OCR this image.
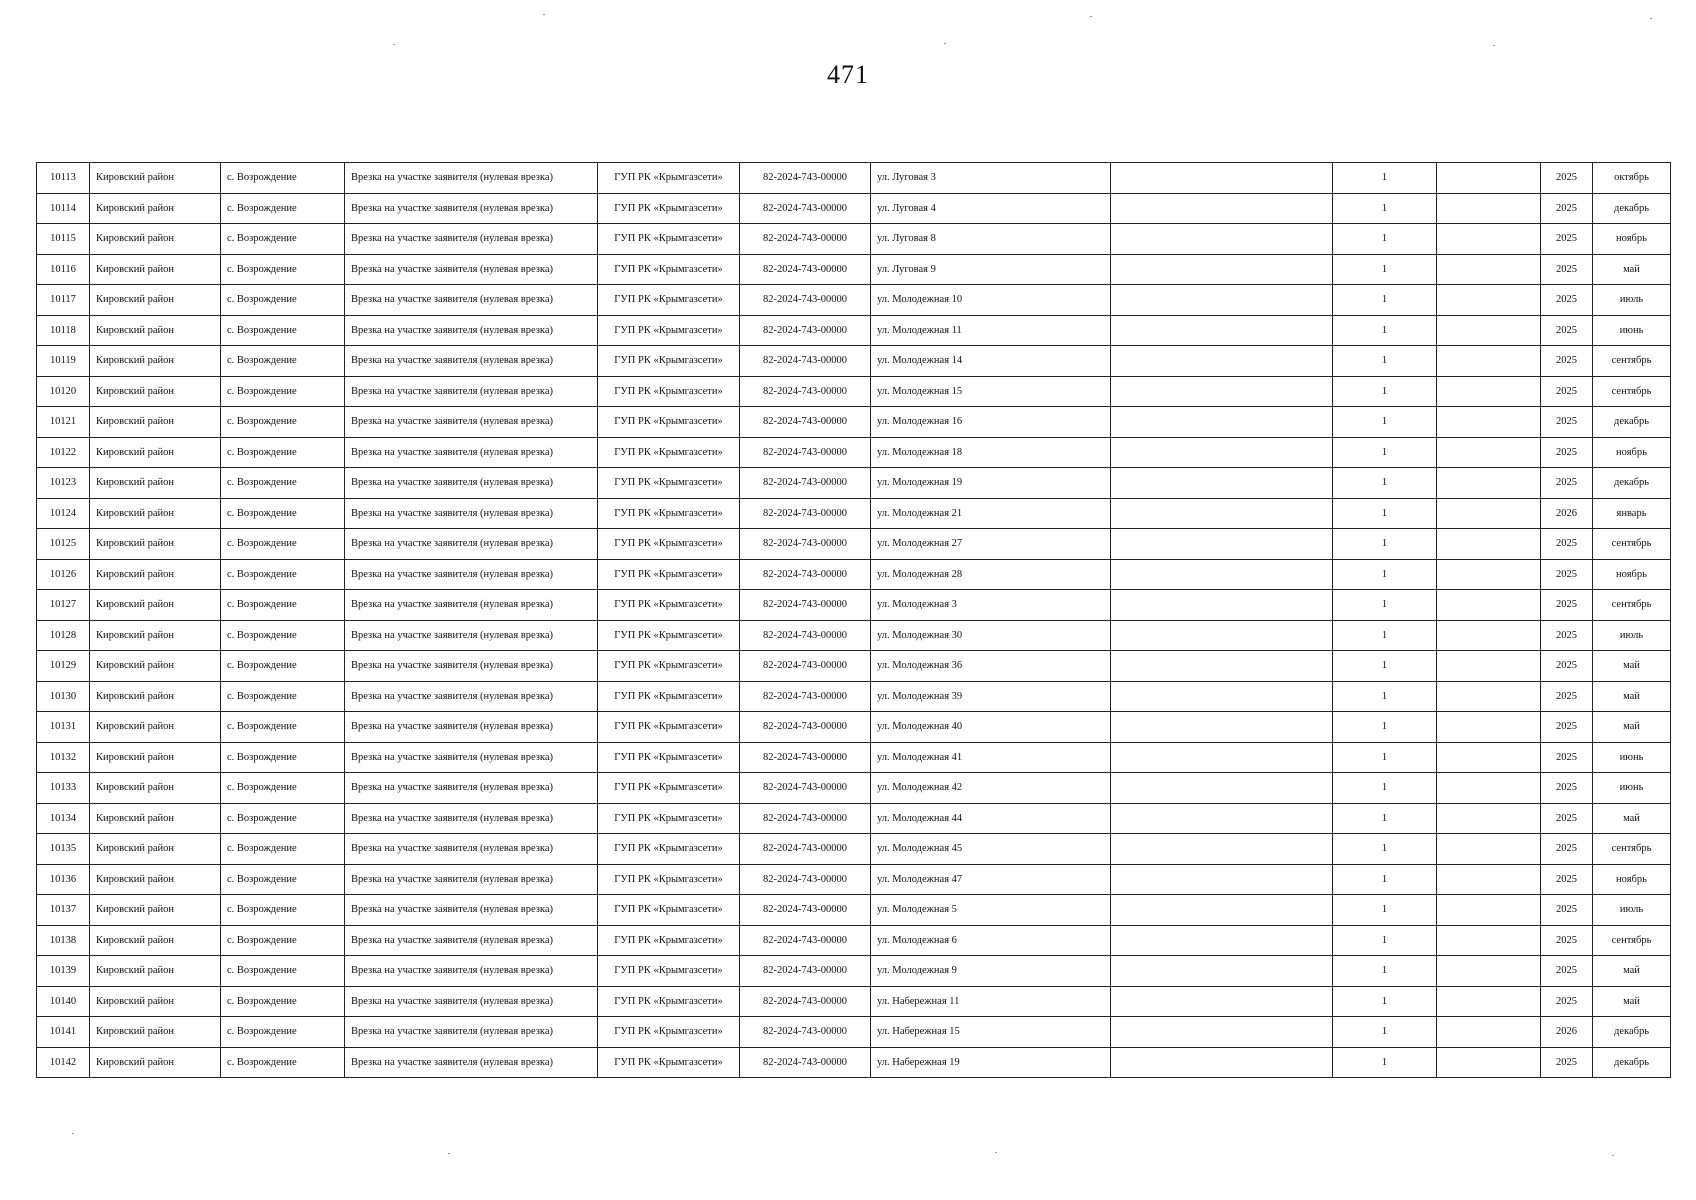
471
10113	Кировский район	с. Возрождение	Врезка на участке заявителя (нулевая врезка)	ГУП РК «Крымгазсети»	82-2024-743-00000	ул. Луговая 3		1		2025	октябрь
10114	Кировский район	с. Возрождение	Врезка на участке заявителя (нулевая врезка)	ГУП РК «Крымгазсети»	82-2024-743-00000	ул. Луговая 4		1		2025	декабрь
10115	Кировский район	с. Возрождение	Врезка на участке заявителя (нулевая врезка)	ГУП РК «Крымгазсети»	82-2024-743-00000	ул. Луговая 8		1		2025	ноябрь
10116	Кировский район	с. Возрождение	Врезка на участке заявителя (нулевая врезка)	ГУП РК «Крымгазсети»	82-2024-743-00000	ул. Луговая 9		1		2025	май
10117	Кировский район	с. Возрождение	Врезка на участке заявителя (нулевая врезка)	ГУП РК «Крымгазсети»	82-2024-743-00000	ул. Молодежная 10		1		2025	июль
10118	Кировский район	с. Возрождение	Врезка на участке заявителя (нулевая врезка)	ГУП РК «Крымгазсети»	82-2024-743-00000	ул. Молодежная 11		1		2025	июнь
10119	Кировский район	с. Возрождение	Врезка на участке заявителя (нулевая врезка)	ГУП РК «Крымгазсети»	82-2024-743-00000	ул. Молодежная 14		1		2025	сентябрь
10120	Кировский район	с. Возрождение	Врезка на участке заявителя (нулевая врезка)	ГУП РК «Крымгазсети»	82-2024-743-00000	ул. Молодежная 15		1		2025	сентябрь
10121	Кировский район	с. Возрождение	Врезка на участке заявителя (нулевая врезка)	ГУП РК «Крымгазсети»	82-2024-743-00000	ул. Молодежная 16		1		2025	декабрь
10122	Кировский район	с. Возрождение	Врезка на участке заявителя (нулевая врезка)	ГУП РК «Крымгазсети»	82-2024-743-00000	ул. Молодежная 18		1		2025	ноябрь
10123	Кировский район	с. Возрождение	Врезка на участке заявителя (нулевая врезка)	ГУП РК «Крымгазсети»	82-2024-743-00000	ул. Молодежная 19		1		2025	декабрь
10124	Кировский район	с. Возрождение	Врезка на участке заявителя (нулевая врезка)	ГУП РК «Крымгазсети»	82-2024-743-00000	ул. Молодежная 21		1		2026	январь
10125	Кировский район	с. Возрождение	Врезка на участке заявителя (нулевая врезка)	ГУП РК «Крымгазсети»	82-2024-743-00000	ул. Молодежная 27		1		2025	сентябрь
10126	Кировский район	с. Возрождение	Врезка на участке заявителя (нулевая врезка)	ГУП РК «Крымгазсети»	82-2024-743-00000	ул. Молодежная 28		1		2025	ноябрь
10127	Кировский район	с. Возрождение	Врезка на участке заявителя (нулевая врезка)	ГУП РК «Крымгазсети»	82-2024-743-00000	ул. Молодежная 3		1		2025	сентябрь
10128	Кировский район	с. Возрождение	Врезка на участке заявителя (нулевая врезка)	ГУП РК «Крымгазсети»	82-2024-743-00000	ул. Молодежная 30		1		2025	июль
10129	Кировский район	с. Возрождение	Врезка на участке заявителя (нулевая врезка)	ГУП РК «Крымгазсети»	82-2024-743-00000	ул. Молодежная 36		1		2025	май
10130	Кировский район	с. Возрождение	Врезка на участке заявителя (нулевая врезка)	ГУП РК «Крымгазсети»	82-2024-743-00000	ул. Молодежная 39		1		2025	май
10131	Кировский район	с. Возрождение	Врезка на участке заявителя (нулевая врезка)	ГУП РК «Крымгазсети»	82-2024-743-00000	ул. Молодежная 40		1		2025	май
10132	Кировский район	с. Возрождение	Врезка на участке заявителя (нулевая врезка)	ГУП РК «Крымгазсети»	82-2024-743-00000	ул. Молодежная 41		1		2025	июнь
10133	Кировский район	с. Возрождение	Врезка на участке заявителя (нулевая врезка)	ГУП РК «Крымгазсети»	82-2024-743-00000	ул. Молодежная 42		1		2025	июнь
10134	Кировский район	с. Возрождение	Врезка на участке заявителя (нулевая врезка)	ГУП РК «Крымгазсети»	82-2024-743-00000	ул. Молодежная 44		1		2025	май
10135	Кировский район	с. Возрождение	Врезка на участке заявителя (нулевая врезка)	ГУП РК «Крымгазсети»	82-2024-743-00000	ул. Молодежная 45		1		2025	сентябрь
10136	Кировский район	с. Возрождение	Врезка на участке заявителя (нулевая врезка)	ГУП РК «Крымгазсети»	82-2024-743-00000	ул. Молодежная 47		1		2025	ноябрь
10137	Кировский район	с. Возрождение	Врезка на участке заявителя (нулевая врезка)	ГУП РК «Крымгазсети»	82-2024-743-00000	ул. Молодежная 5		1		2025	июль
10138	Кировский район	с. Возрождение	Врезка на участке заявителя (нулевая врезка)	ГУП РК «Крымгазсети»	82-2024-743-00000	ул. Молодежная 6		1		2025	сентябрь
10139	Кировский район	с. Возрождение	Врезка на участке заявителя (нулевая врезка)	ГУП РК «Крымгазсети»	82-2024-743-00000	ул. Молодежная 9		1		2025	май
10140	Кировский район	с. Возрождение	Врезка на участке заявителя (нулевая врезка)	ГУП РК «Крымгазсети»	82-2024-743-00000	ул. Набережная 11		1		2025	май
10141	Кировский район	с. Возрождение	Врезка на участке заявителя (нулевая врезка)	ГУП РК «Крымгазсети»	82-2024-743-00000	ул. Набережная 15		1		2026	декабрь
10142	Кировский район	с. Возрождение	Врезка на участке заявителя (нулевая врезка)	ГУП РК «Крымгазсети»	82-2024-743-00000	ул. Набережная 19		1		2025	декабрь
